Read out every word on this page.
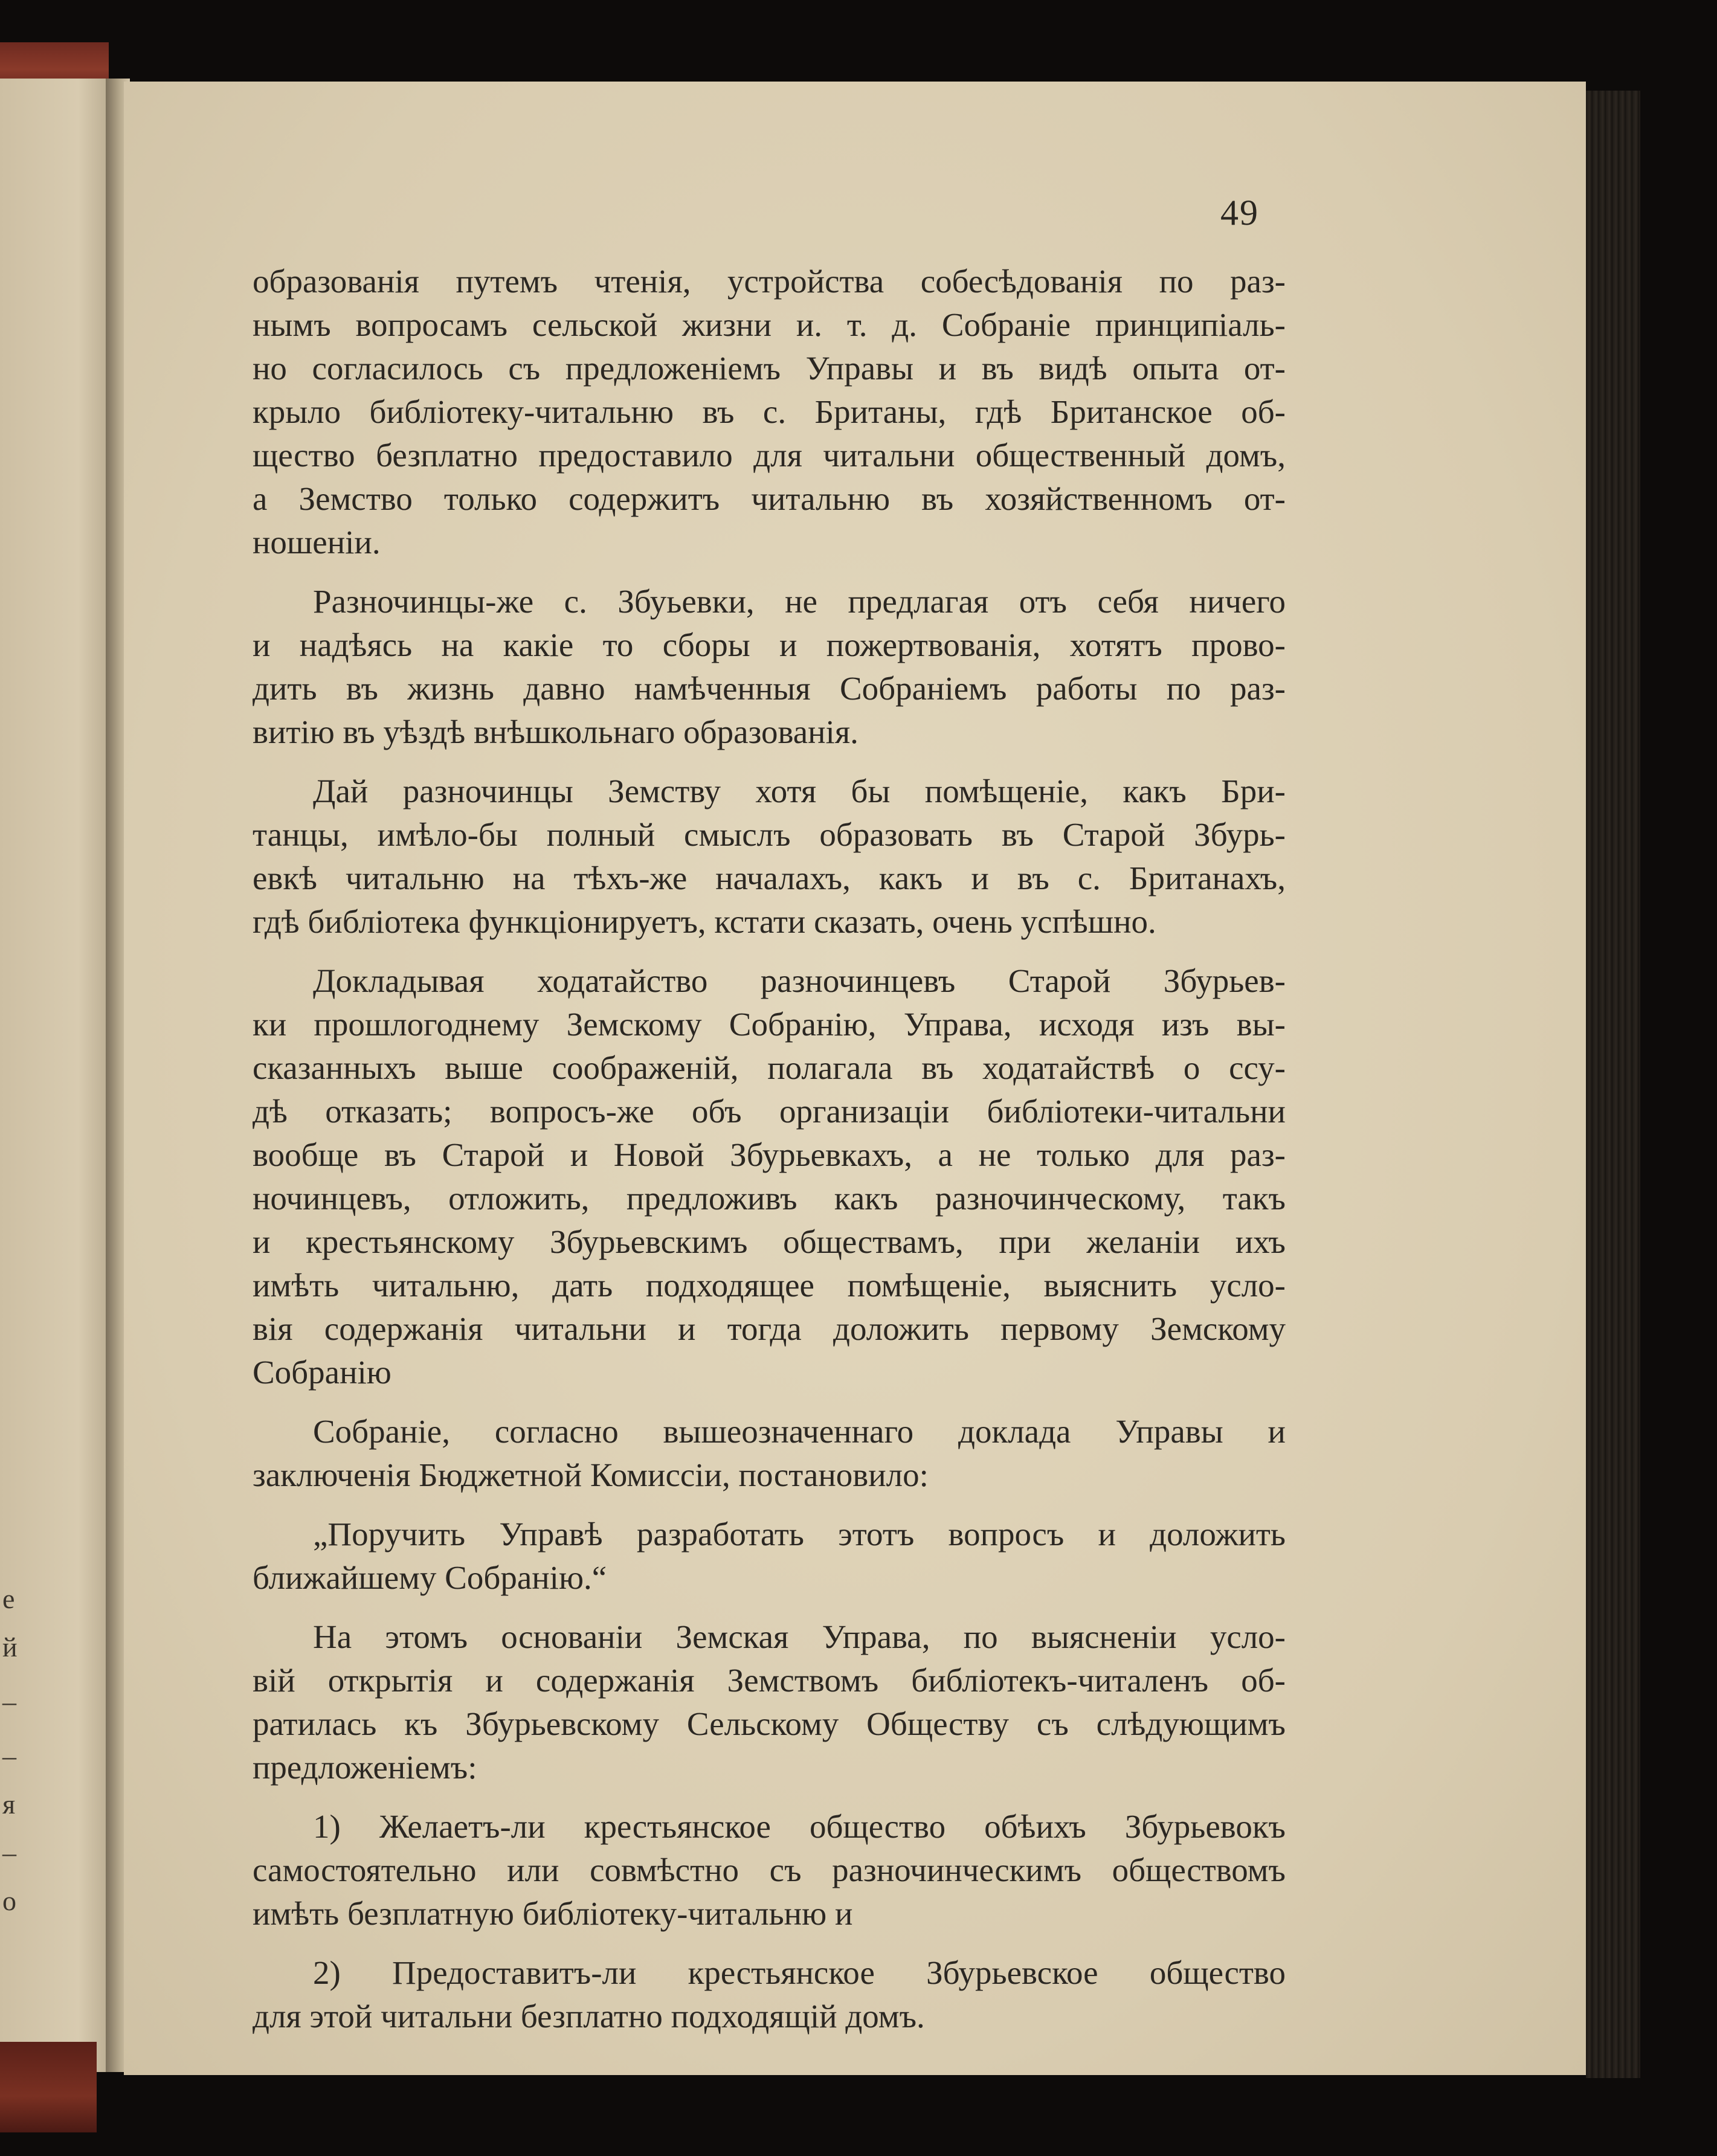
е
й
–
–
я
–
о
49
образованія путемъ чтенія, устройства собесѣдованія по раз-
нымъ вопросамъ сельской жизни и. т. д. Собраніе принципіаль-
но согласилось съ предложеніемъ Управы и въ видѣ опыта от-
крыло библіотеку-читальню въ с. Британы, гдѣ Британское об-
щество безплатно предоставило для читальни общественный домъ,
а Земство только содержитъ читальню въ хозяйственномъ от-
ношеніи.
Разночинцы-же с. Збуьевки, не предлагая отъ себя ничего
и надѣясь на какіе то сборы и пожертвованія, хотятъ прово-
дить въ жизнь давно намѣченныя Собраніемъ работы по раз-
витію въ уѣздѣ внѣшкольнаго образованія.
Дай разночинцы Земству хотя бы помѣщеніе, какъ Бри-
танцы, имѣло-бы полный смыслъ образовать въ Старой Збурь-
евкѣ читальню на тѣхъ-же началахъ, какъ и въ с. Британахъ,
гдѣ библіотека функціонируетъ, кстати сказать, очень успѣшно.
Докладывая ходатайство разночинцевъ Старой Збурьев-
ки прошлогоднему Земскому Собранію, Управа, исходя изъ вы-
сказанныхъ выше соображеній, полагала въ ходатайствѣ о ссу-
дѣ отказать; вопросъ-же объ организаціи библіотеки-читальни
вообще въ Старой и Новой Збурьевкахъ, а не только для раз-
ночинцевъ, отложить, предложивъ какъ разночинческому, такъ
и крестьянскому Збурьевскимъ обществамъ, при желаніи ихъ
имѣть читальню, дать подходящее помѣщеніе, выяснить усло-
вія содержанія читальни и тогда доложить первому Земскому
Собранію
Собраніе, согласно вышеозначеннаго доклада Управы и
заключенія Бюджетной Комиссіи, постановило:
„Поручить Управѣ разработать этотъ вопросъ и доложить
ближайшему Собранію.“
На этомъ основаніи Земская Управа, по выясненіи усло-
вій открытія и содержанія Земствомъ библіотекъ-читаленъ об-
ратилась къ Збурьевскому Сельскому Обществу съ слѣдующимъ
предложеніемъ:
1) Желаетъ-ли крестьянское общество обѣихъ Збурьевокъ
самостоятельно или совмѣстно съ разночинческимъ обществомъ
имѣть безплатную библіотеку-читальню и
2) Предоставитъ-ли крестьянское Збурьевское общество
для этой читальни безплатно подходящій домъ.
